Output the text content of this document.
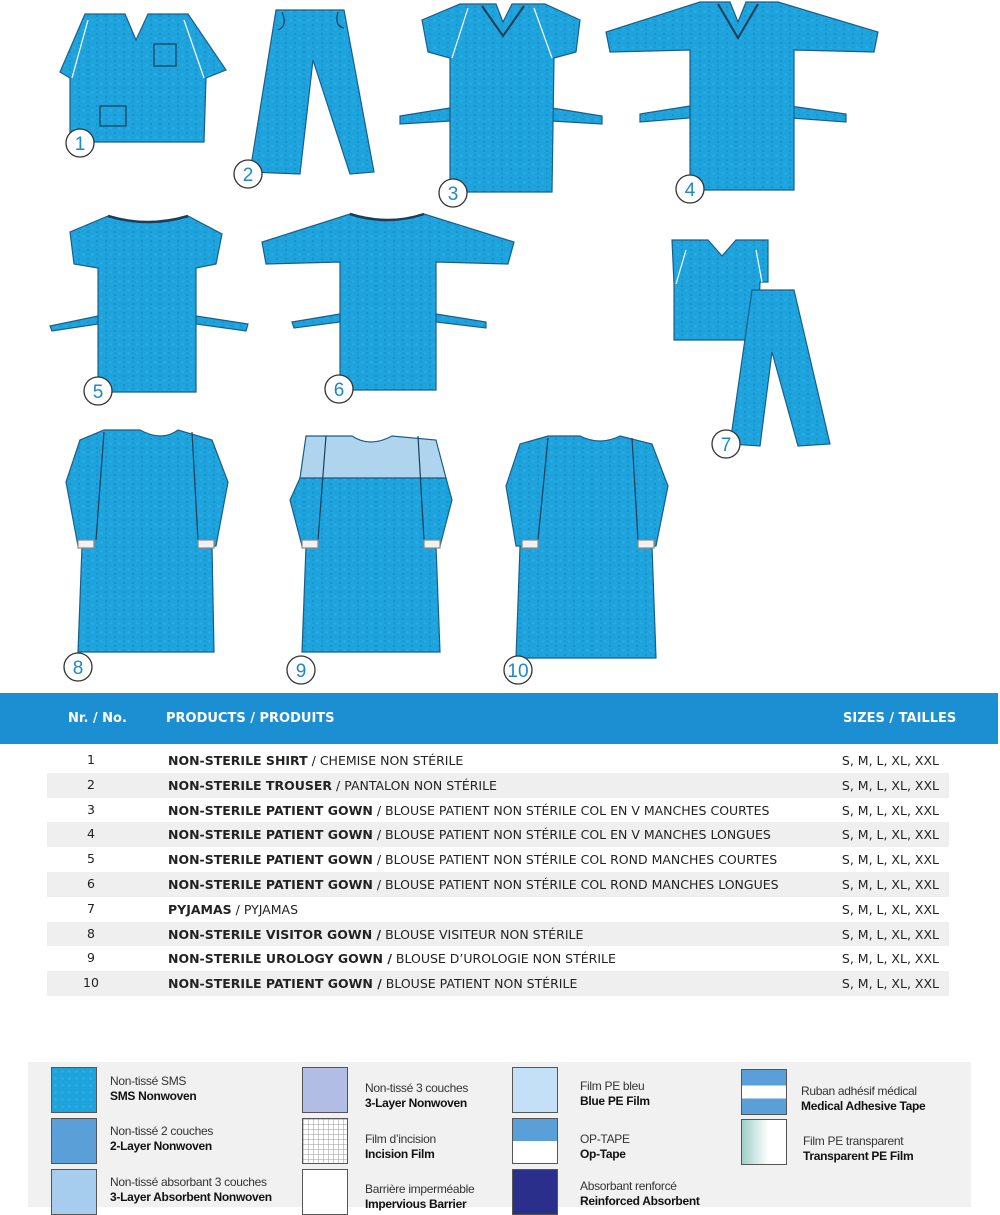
1
2
3	4
5	6
7
8	9	10
Nr. / No.	PRODUCTS / PRODUITS	SIZES / TAILLES
1	NON-STERILE SHIRT / CHEMISE NON STÉRILE	S, M, L, XL, XXL
2	NON-STERILE TROUSER / PANTALON NON STÉRILE	S, M, L, XL, XXL
3	NON-STERILE PATIENT GOWN / BLOUSE PATIENT NON STÉRILE COL EN V MANCHES COURTES	S, M, L, XL, XXL
4	NON-STERILE PATIENT GOWN / BLOUSE PATIENT NON STÉRILE COL EN V MANCHES LONGUES	S, M, L, XL, XXL
5	NON-STERILE PATIENT GOWN / BLOUSE PATIENT NON STÉRILE COL ROND MANCHES COURTES	S, M, L, XL, XXL
6	NON-STERILE PATIENT GOWN / BLOUSE PATIENT NON STÉRILE COL ROND MANCHES LONGUES	S, M, L, XL, XXL
7	PYJAMAS / PYJAMAS	S, M, L, XL, XXL
8	NON-STERILE VISITOR GOWN / BLOUSE VISITEUR NON STÉRILE	S, M, L, XL, XXL
9	NON-STERILE UROLOGY GOWN / BLOUSE D’UROLOGIE NON STÉRILE	S, M, L, XL, XXL
10	NON-STERILE PATIENT GOWN / BLOUSE PATIENT NON STÉRILE	S, M, L, XL, XXL
Non-tissé SMS
SMS Nonwoven
Non-tissé 2 couches
2-Layer Nonwoven
Non-tissé absorbant 3 couches
3-Layer Absorbent Nonwoven
Non-tissé 3 couches
3-Layer Nonwoven
Film d’incision
Incision Film
Barrière imperméable
Impervious Barrier
Film PE bleu
Blue PE Film
OP-TAPE
Op-Tape
Absorbant renforcé
Reinforced Absorbent
Ruban adhésif médical
Medical Adhesive Tape
Film PE transparent
Transparent PE Film
